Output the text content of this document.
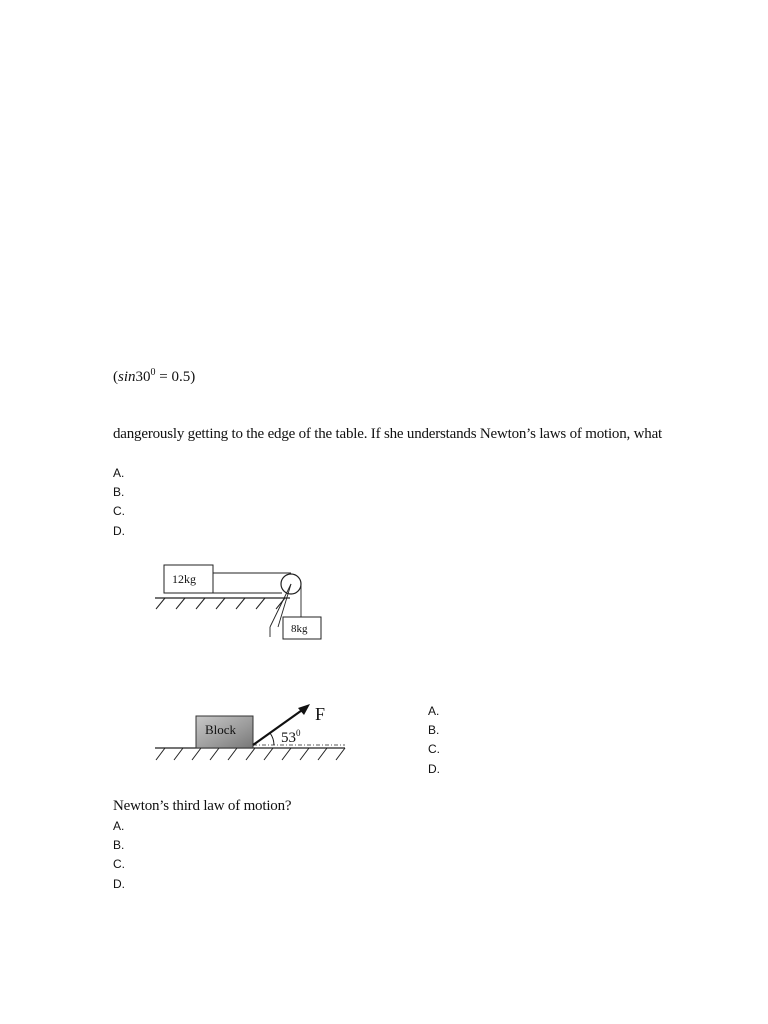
$(\sin 30^0 = 0.5)$
dangerously getting to the edge of the table. If she understands Newton’s laws of motion, what
A.
B.
C.
D.
12kg
8kg
Block
F
$53^0$
A.
B.
C.
D.
Newton’s third law of motion?
A.
B.
C.
D.
